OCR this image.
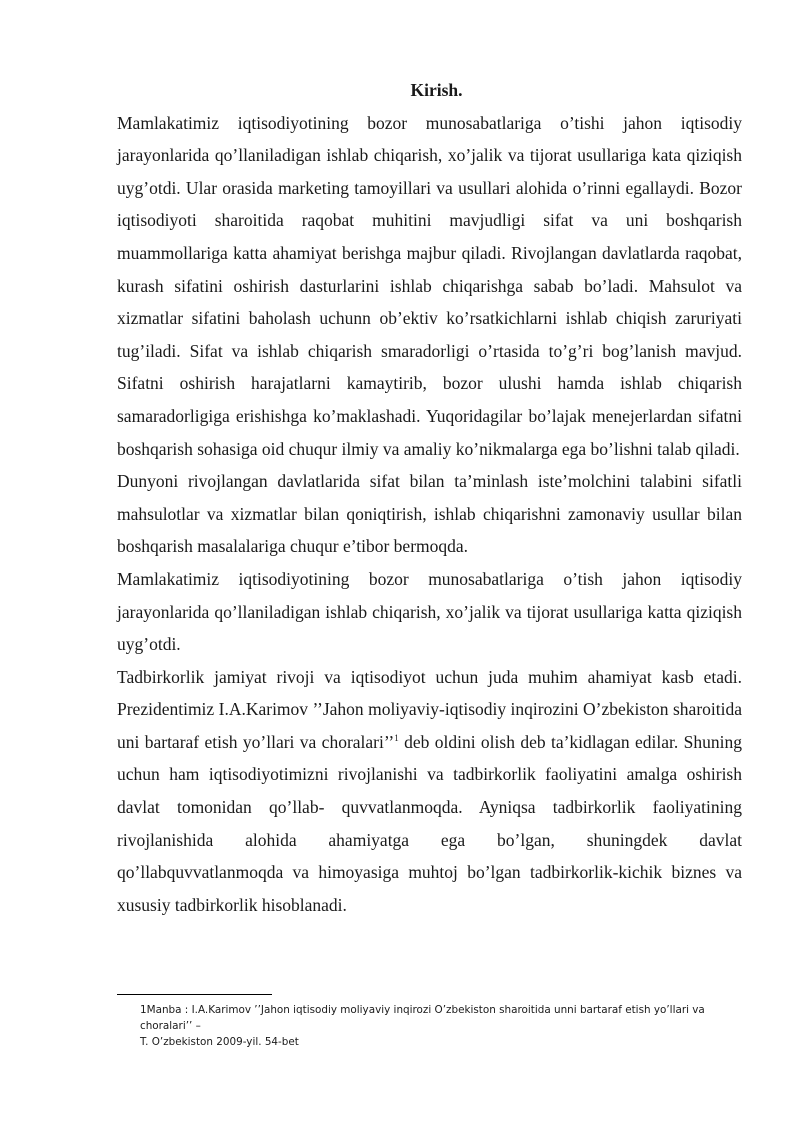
Kirish.

Mamlakatimiz iqtisodiyotining bozor munosabatlariga o’tishi jahon iqtisodiy jarayonlarida qo’llaniladigan ishlab chiqarish, xo’jalik va tijorat usullariga kata qiziqish uyg’otdi. Ular orasida marketing tamoyillari va usullari alohida o’rinni egallaydi. Bozor iqtisodiyoti sharoitida raqobat muhitini mavjudligi sifat va uni boshqarish muammollariga katta ahamiyat berishga majbur qiladi. Rivojlangan davlatlarda raqobat, kurash sifatini oshirish dasturlarini ishlab chiqarishga sabab bo’ladi. Mahsulot va xizmatlar sifatini baholash uchunn ob’ektiv ko’rsatkichlarni ishlab chiqish zaruriyati tug’iladi. Sifat va ishlab chiqarish smaradorligi o’rtasida to’g’ri bog’lanish mavjud. Sifatni oshirish harajatlarni kamaytirib, bozor ulushi hamda ishlab chiqarish samaradorligiga erishishga ko’maklashadi. Yuqoridagilar bo’lajak menejerlardan sifatni boshqarish sohasiga oid chuqur ilmiy va amaliy ko’nikmalarga ega bo’lishni talab qiladi.

Dunyoni rivojlangan davlatlarida sifat bilan ta’minlash iste’molchini talabini sifatli mahsulotlar va xizmatlar bilan qoniqtirish, ishlab chiqarishni zamonaviy usullar bilan boshqarish masalalariga chuqur e’tibor bermoqda.

Mamlakatimiz iqtisodiyotining bozor munosabatlariga o’tish jahon iqtisodiy jarayonlarida qo’llaniladigan ishlab chiqarish, xo’jalik va tijorat usullariga katta qiziqish uyg’otdi.

Tadbirkorlik jamiyat rivoji va iqtisodiyot uchun juda muhim ahamiyat kasb etadi. Prezidentimiz I.A.Karimov ’’Jahon moliyaviy-iqtisodiy inqirozini O’zbekiston sharoitida uni bartaraf etish yo’llari va choralari’’$^1$ deb oldini olish deb ta’kidlagan edilar. Shuning uchun ham iqtisodiyotimizni rivojlanishi va tadbirkorlik faoliyatini amalga oshirish davlat tomonidan qo’llab- quvvatlanmoqda. Ayniqsa tadbirkorlik faoliyatining rivojlanishida alohida ahamiyatga ega bo’lgan, shuningdek davlat qo’llabquvvatlanmoqda va himoyasiga muhtoj bo’lgan tadbirkorlik-kichik biznes va xususiy tadbirkorlik hisoblanadi.

1Manba : I.A.Karimov ’’Jahon iqtisodiy moliyaviy inqirozi O’zbekiston sharoitida unni bartaraf etish yo’llari va choralari’’ –

T. O’zbekiston 2009-yil. 54-bet
